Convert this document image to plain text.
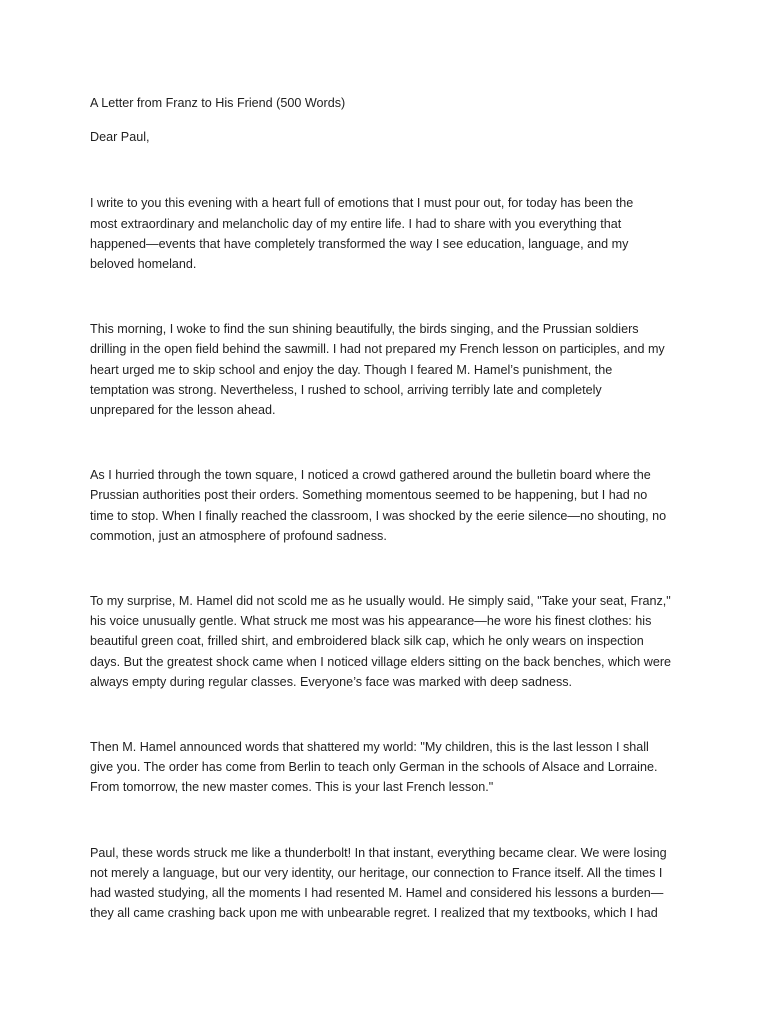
A Letter from Franz to His Friend (500 Words)

Dear Paul,

I write to you this evening with a heart full of emotions that I must pour out, for today has been the
most extraordinary and melancholic day of my entire life. I had to share with you everything that
happened—events that have completely transformed the way I see education, language, and my
beloved homeland.

This morning, I woke to find the sun shining beautifully, the birds singing, and the Prussian soldiers
drilling in the open field behind the sawmill. I had not prepared my French lesson on participles, and my
heart urged me to skip school and enjoy the day. Though I feared M. Hamel’s punishment, the
temptation was strong. Nevertheless, I rushed to school, arriving terribly late and completely
unprepared for the lesson ahead.

As I hurried through the town square, I noticed a crowd gathered around the bulletin board where the
Prussian authorities post their orders. Something momentous seemed to be happening, but I had no
time to stop. When I finally reached the classroom, I was shocked by the eerie silence—no shouting, no
commotion, just an atmosphere of profound sadness.

To my surprise, M. Hamel did not scold me as he usually would. He simply said, "Take your seat, Franz,"
his voice unusually gentle. What struck me most was his appearance—he wore his finest clothes: his
beautiful green coat, frilled shirt, and embroidered black silk cap, which he only wears on inspection
days. But the greatest shock came when I noticed village elders sitting on the back benches, which were
always empty during regular classes. Everyone’s face was marked with deep sadness.

Then M. Hamel announced words that shattered my world: "My children, this is the last lesson I shall
give you. The order has come from Berlin to teach only German in the schools of Alsace and Lorraine.
From tomorrow, the new master comes. This is your last French lesson."

Paul, these words struck me like a thunderbolt! In that instant, everything became clear. We were losing
not merely a language, but our very identity, our heritage, our connection to France itself. All the times I
had wasted studying, all the moments I had resented M. Hamel and considered his lessons a burden—
they all came crashing back upon me with unbearable regret. I realized that my textbooks, which I had
